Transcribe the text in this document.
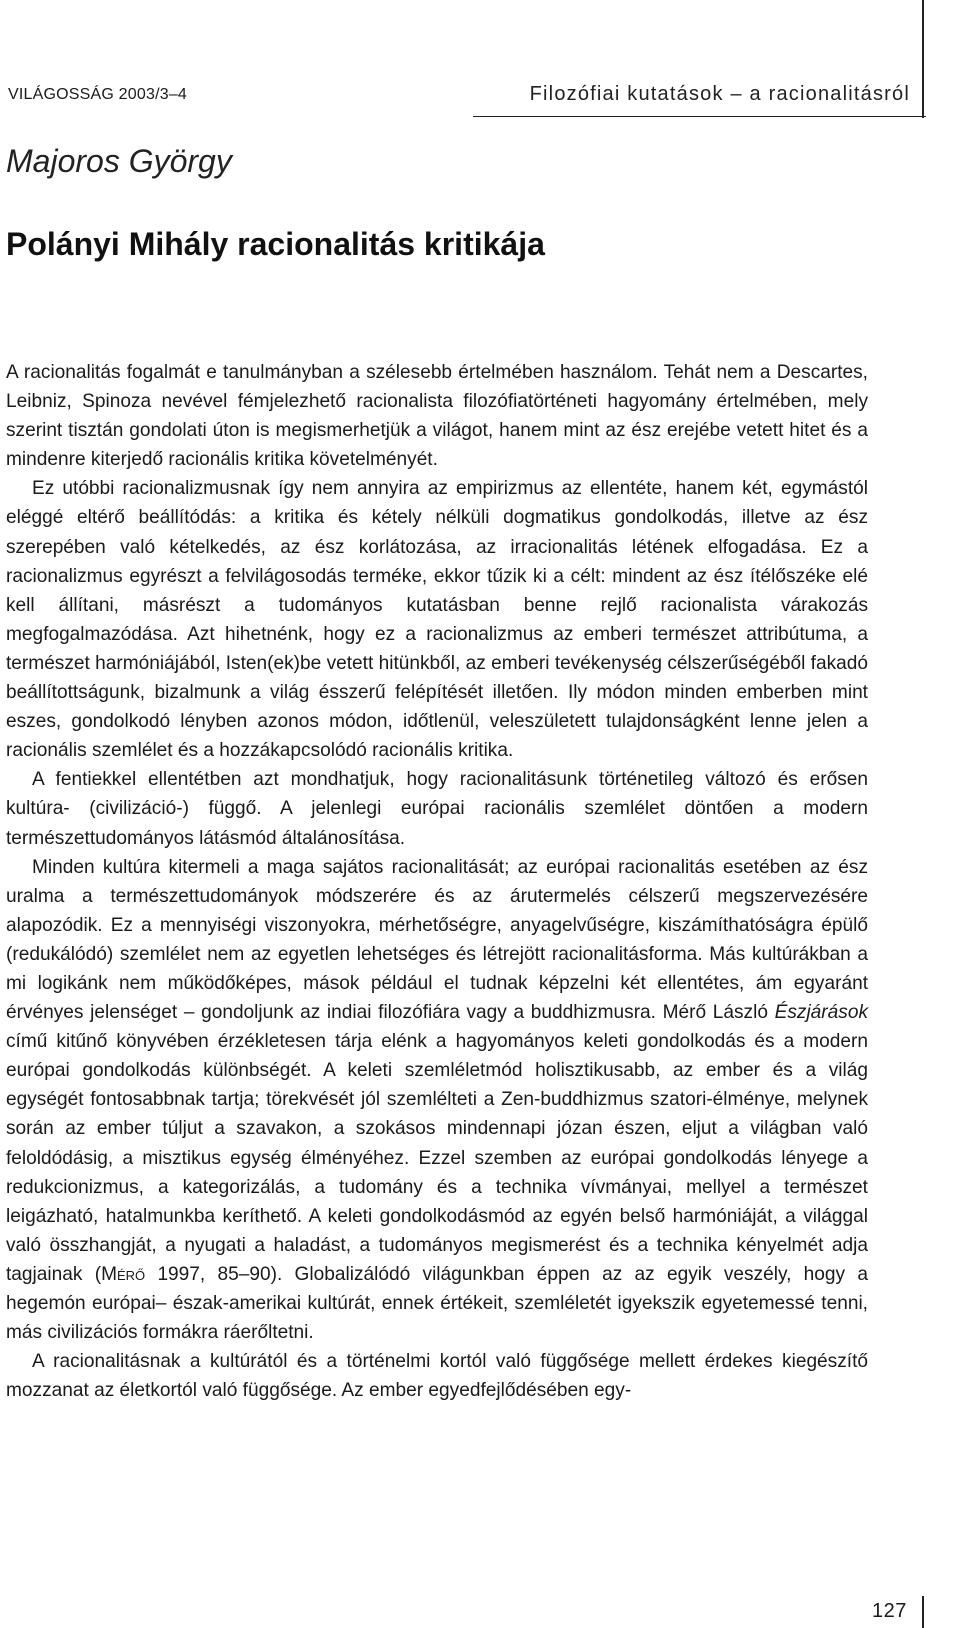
VILÁGOSSÁG 2003/3–4	Filozófiai kutatások – a racionalitásról
Majoros György
Polányi Mihály racionalitás kritikája

A racionalitás fogalmát e tanulmányban a szélesebb értelmében használom. Tehát nem a Descartes, Leibniz, Spinoza nevével fémjelezhető racionalista filozófiatörténeti hagyomány értelmében, mely szerint tisztán gondolati úton is megismerhetjük a világot, hanem mint az ész erejébe vetett hitet és a mindenre kiterjedő racionális kritika követelményét.

Ez utóbbi racionalizmusnak így nem annyira az empirizmus az ellentéte, hanem két, egymástól eléggé eltérő beállítódás: a kritika és kétely nélküli dogmatikus gondolkodás, illetve az ész szerepében való kételkedés, az ész korlátozása, az irracionalitás létének elfogadása. Ez a racionalizmus egyrészt a felvilágosodás terméke, ekkor tűzik ki a célt: mindent az ész ítélőszéke elé kell állítani, másrészt a tudományos kutatásban benne rejlő racionalista várakozás megfogalmazódása. Azt hihetnénk, hogy ez a racionalizmus az emberi természet attribútuma, a természet harmóniájából, Isten(ek)be vetett hitünkből, az emberi tevékenység célszerűségéből fakadó beállítottságunk, bizalmunk a világ ésszerű felépítését illetően. Ily módon minden emberben mint eszes, gondolkodó lényben azonos módon, időtlenül, veleszületett tulajdonságként lenne jelen a racionális szemlélet és a hozzákapcsolódó racionális kritika.

A fentiekkel ellentétben azt mondhatjuk, hogy racionalitásunk történetileg változó és erősen kultúra- (civilizáció-) függő. A jelenlegi európai racionális szemlélet döntően a modern természettudományos látásmód általánosítása.

Minden kultúra kitermeli a maga sajátos racionalitását; az európai racionalitás esetében az ész uralma a természettudományok módszerére és az árutermelés célszerű megszervezésére alapozódik. Ez a mennyiségi viszonyokra, mérhetőségre, anyagelvűségre, kiszámíthatóságra épülő (redukálódó) szemlélet nem az egyetlen lehetséges és létrejött racionalitásforma. Más kultúrákban a mi logikánk nem működőképes, mások például el tudnak képzelni két ellentétes, ám egyaránt érvényes jelenséget – gondoljunk az indiai filozófiára vagy a buddhizmusra. Mérő László Észjárások című kitűnő könyvében érzékletesen tárja elénk a hagyományos keleti gondolkodás és a modern európai gondolkodás különbségét. A keleti szemléletmód holisztikusabb, az ember és a világ egységét fontosabbnak tartja; törekvését jól szemlélteti a Zen-buddhizmus szatori-élménye, melynek során az ember túljut a szavakon, a szokásos mindennapi józan észen, eljut a világban való feloldódásig, a misztikus egység élményéhez. Ezzel szemben az európai gondolkodás lényege a redukcionizmus, a kategorizálás, a tudomány és a technika vívmányai, mellyel a természet leigázható, hatalmunkba keríthető. A keleti gondolkodásmód az egyén belső harmóniáját, a világgal való összhangját, a nyugati a haladást, a tudományos megismerést és a technika kényelmét adja tagjainak (Mérő 1997, 85–90). Globalizálódó világunkban éppen az az egyik veszély, hogy a hegemón európai– észak-amerikai kultúrát, ennek értékeit, szemléletét igyekszik egyetemessé tenni, más civilizációs formákra ráerőltetni.

A racionalitásnak a kultúrától és a történelmi kortól való függősége mellett érdekes kiegészítő mozzanat az életkortól való függősége. Az ember egyedfejlődésében egy-

127
